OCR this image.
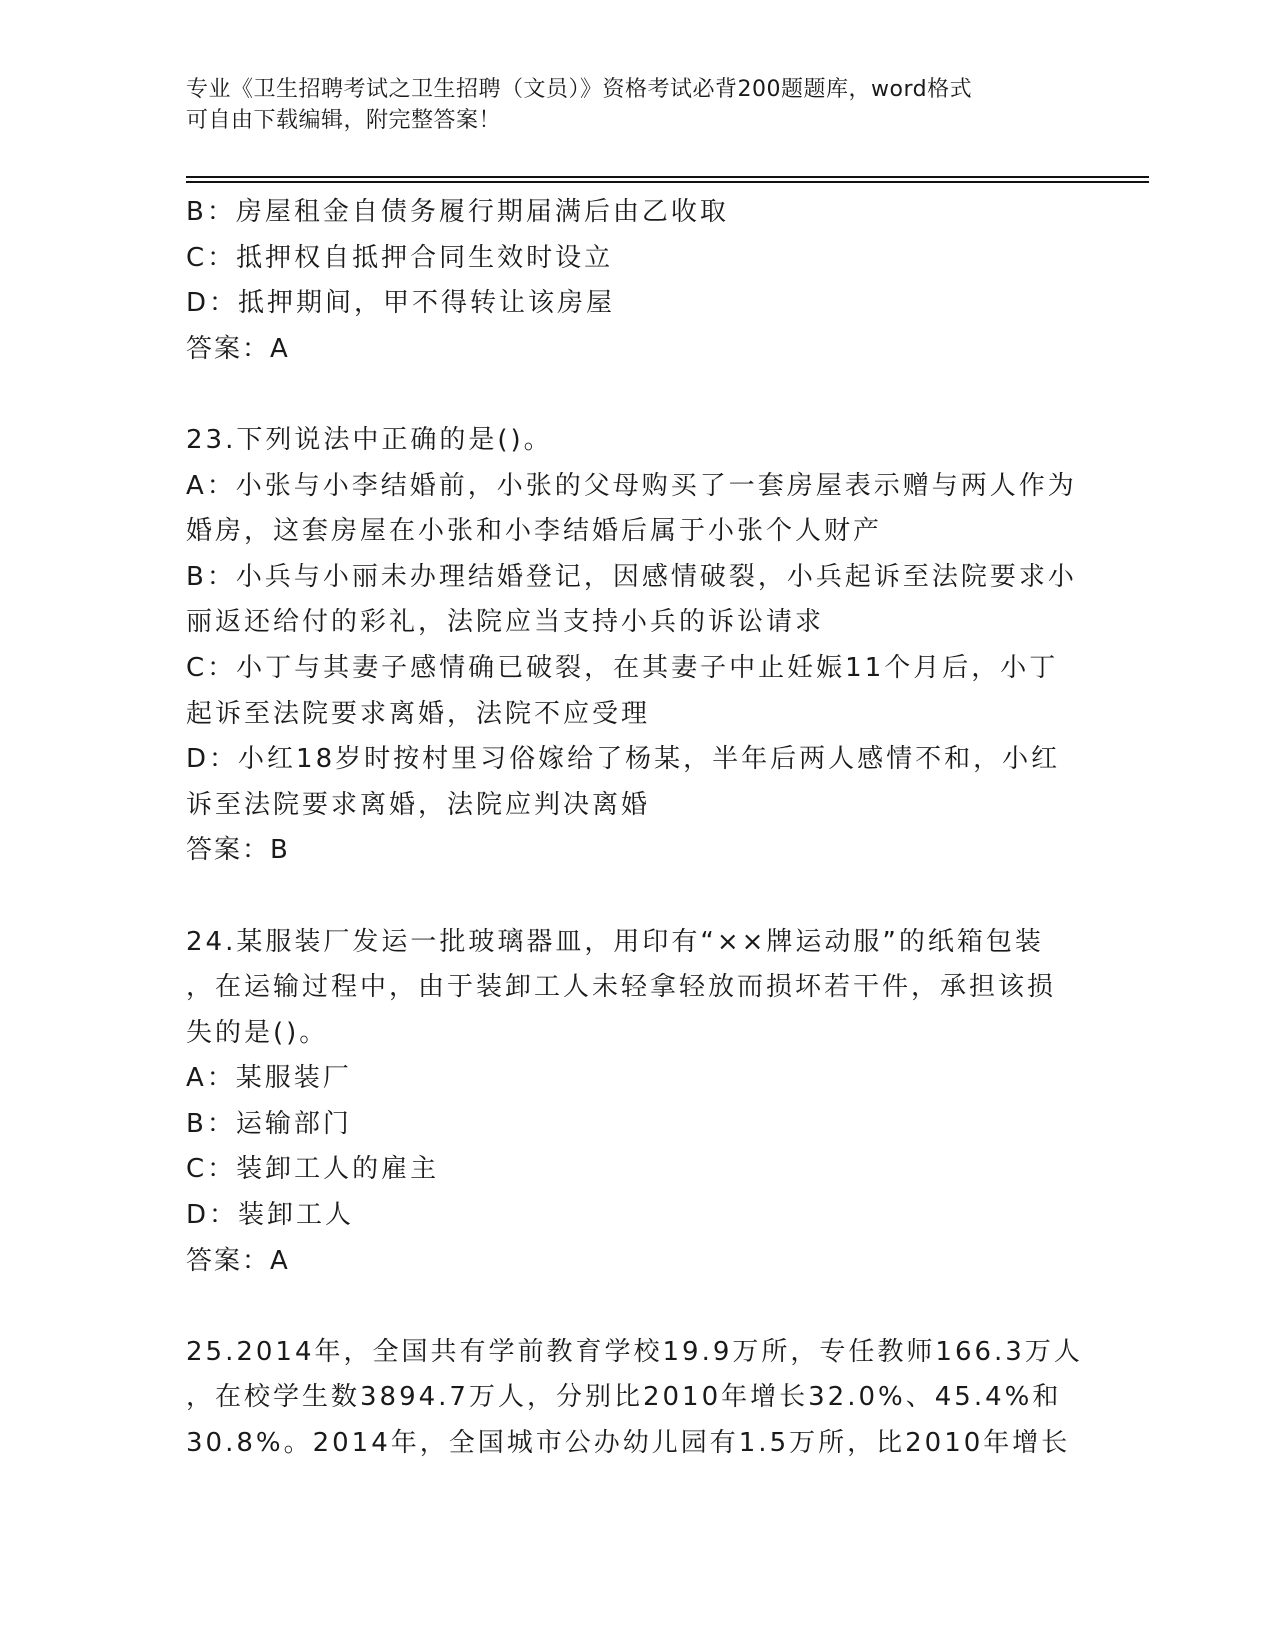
专业《卫生招聘考试之卫生招聘（文员）》资格考试必背200题题库，word格式
可自由下载编辑，附完整答案！
B：房屋租金自债务履行期届满后由乙收取
C：抵押权自抵押合同生效时设立
D：抵押期间，甲不得转让该房屋
答案：A
23.下列说法中正确的是()。
A：小张与小李结婚前，小张的父母购买了一套房屋表示赠与两人作为
婚房，这套房屋在小张和小李结婚后属于小张个人财产
B：小兵与小丽未办理结婚登记，因感情破裂，小兵起诉至法院要求小
丽返还给付的彩礼，法院应当支持小兵的诉讼请求
C：小丁与其妻子感情确已破裂，在其妻子中止妊娠11个月后，小丁
起诉至法院要求离婚，法院不应受理
D：小红18岁时按村里习俗嫁给了杨某，半年后两人感情不和，小红
诉至法院要求离婚，法院应判决离婚
答案：B
24.某服装厂发运一批玻璃器皿，用印有“××牌运动服”的纸箱包装
，在运输过程中，由于装卸工人未轻拿轻放而损坏若干件，承担该损
失的是()。
A：某服装厂
B：运输部门
C：装卸工人的雇主
D：装卸工人
答案：A
25.2014年，全国共有学前教育学校19.9万所，专任教师166.3万人
，在校学生数3894.7万人，分别比2010年增长32.0%、45.4%和
30.8%。2014年，全国城市公办幼儿园有1.5万所，比2010年增长
